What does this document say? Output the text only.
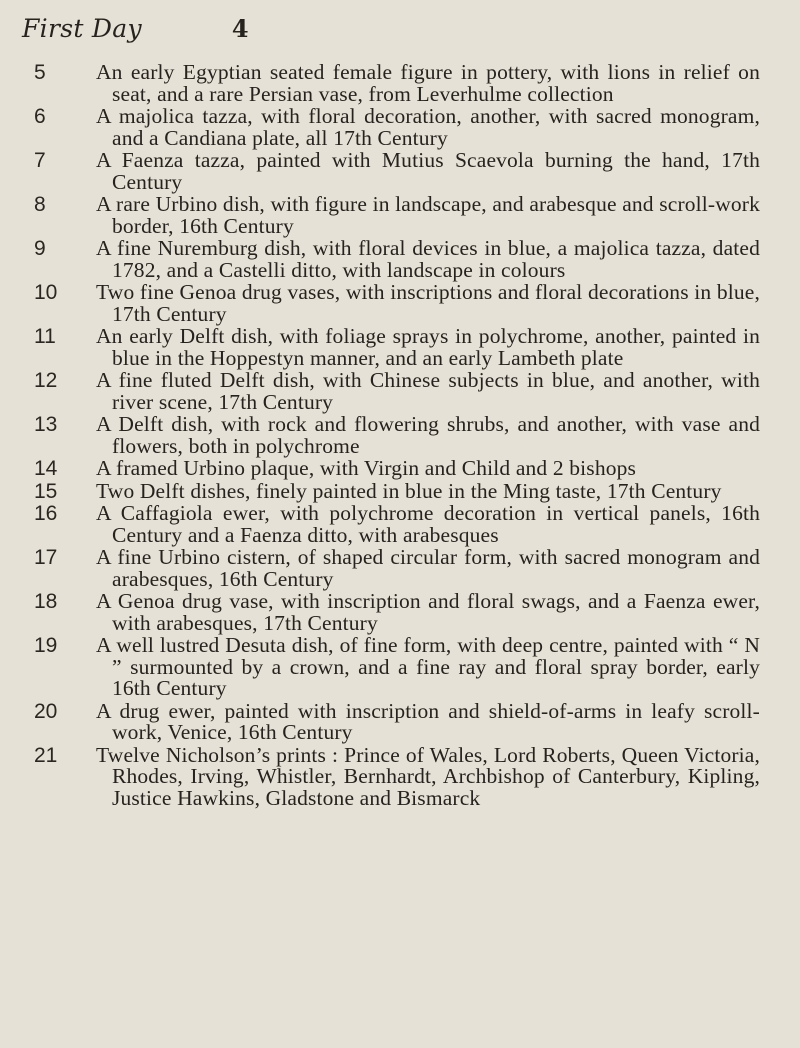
First Day	4
5	An early Egyptian seated female figure in pottery, with lions in relief on seat, and a rare Persian vase, from Leverhulme collection
6	A majolica tazza, with floral decoration, another, with sacred monogram, and a Candiana plate, all 17th Century
7	A Faenza tazza, painted with Mutius Scaevola burning the hand, 17th Century
8	A rare Urbino dish, with figure in landscape, and arabesque and scroll-work border, 16th Century
9	A fine Nuremburg dish, with floral devices in blue, a majolica tazza, dated 1782, and a Castelli ditto, with landscape in colours
10	Two fine Genoa drug vases, with inscriptions and floral decorations in blue, 17th Century
11	An early Delft dish, with foliage sprays in polychrome, another, painted in blue in the Hoppestyn manner, and an early Lambeth plate
12	A fine fluted Delft dish, with Chinese subjects in blue, and another, with river scene, 17th Century
13	A Delft dish, with rock and flowering shrubs, and another, with vase and flowers, both in polychrome
14	A framed Urbino plaque, with Virgin and Child and 2 bishops
15	Two Delft dishes, finely painted in blue in the Ming taste, 17th Century
16	A Caffagiola ewer, with polychrome decoration in vertical panels, 16th Century and a Faenza ditto, with arabesques
17	A fine Urbino cistern, of shaped circular form, with sacred monogram and arabesques, 16th Century
18	A Genoa drug vase, with inscription and floral swags, and a Faenza ewer, with arabesques, 17th Century
19	A well lustred Desuta dish, of fine form, with deep centre, painted with “ N ” surmounted by a crown, and a fine ray and floral spray border, early 16th Century
20	A drug ewer, painted with inscription and shield-of-arms in leafy scroll-work, Venice, 16th Century
21	Twelve Nicholson’s prints : Prince of Wales, Lord Roberts, Queen Victoria, Rhodes, Irving, Whistler, Bernhardt, Archbishop of Canterbury, Kipling, Justice Hawkins, Gladstone and Bismarck
